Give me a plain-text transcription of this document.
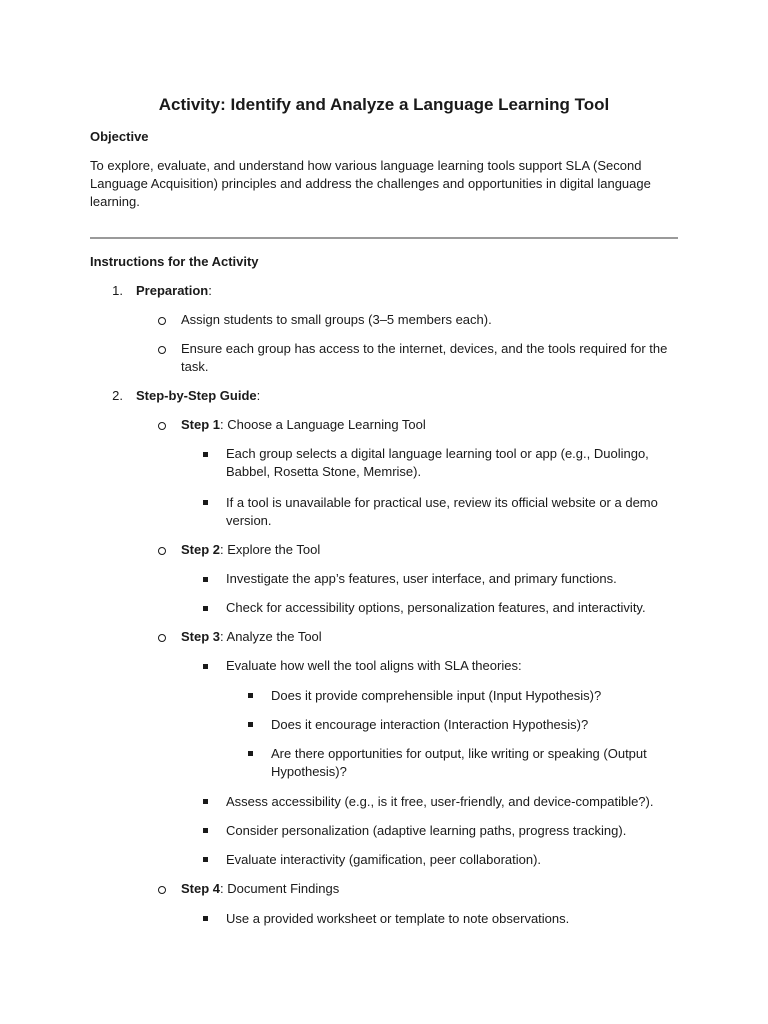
Activity: Identify and Analyze a Language Learning Tool
Objective
To explore, evaluate, and understand how various language learning tools support SLA (Second Language Acquisition) principles and address the challenges and opportunities in digital language learning.
Instructions for the Activity
1. Preparation:
Assign students to small groups (3–5 members each).
Ensure each group has access to the internet, devices, and the tools required for the task.
2. Step-by-Step Guide:
Step 1: Choose a Language Learning Tool
Each group selects a digital language learning tool or app (e.g., Duolingo, Babbel, Rosetta Stone, Memrise).
If a tool is unavailable for practical use, review its official website or a demo version.
Step 2: Explore the Tool
Investigate the app’s features, user interface, and primary functions.
Check for accessibility options, personalization features, and interactivity.
Step 3: Analyze the Tool
Evaluate how well the tool aligns with SLA theories:
Does it provide comprehensible input (Input Hypothesis)?
Does it encourage interaction (Interaction Hypothesis)?
Are there opportunities for output, like writing or speaking (Output Hypothesis)?
Assess accessibility (e.g., is it free, user-friendly, and device-compatible?).
Consider personalization (adaptive learning paths, progress tracking).
Evaluate interactivity (gamification, peer collaboration).
Step 4: Document Findings
Use a provided worksheet or template to note observations.
